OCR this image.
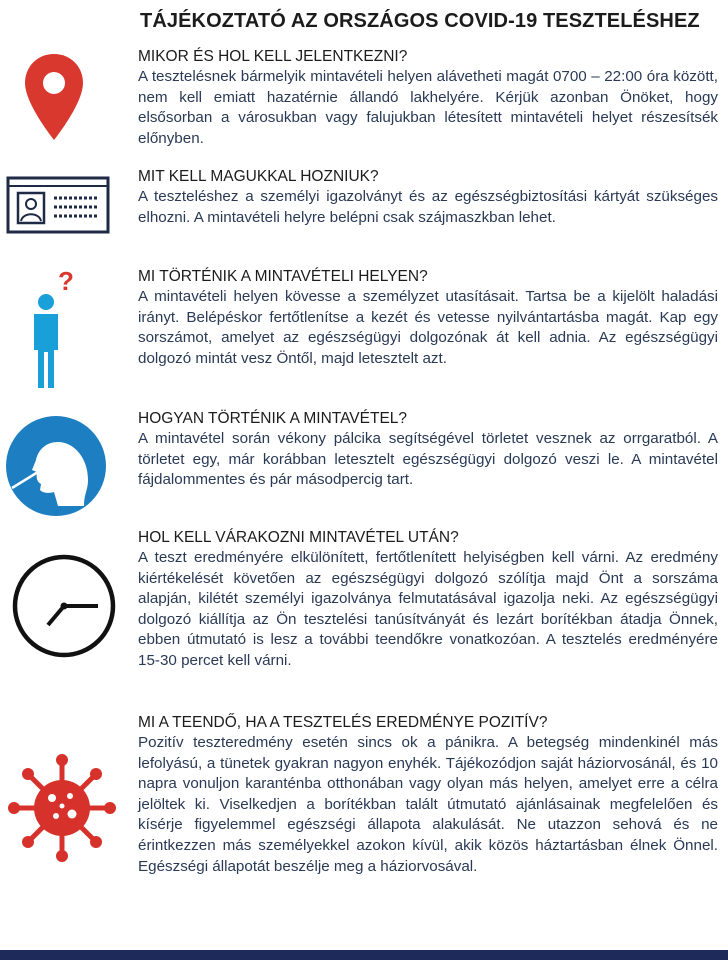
TÁJÉKOZTATÓ AZ ORSZÁGOS COVID-19 TESZTELÉSHEZ
MIKOR ÉS HOL KELL JELENTKEZNI?
A tesztelésnek bármelyik mintavételi helyen alávetheti magát 0700 – 22:00 óra között, nem kell emiatt hazatérnie állandó lakhelyére. Kérjük azonban Önöket, hogy elsősorban a városukban vagy falujukban létesített mintavételi helyet részesítsék előnyben.
MIT KELL MAGUKKAL HOZNIUK?
A teszteléshez a személyi igazolványt és az egészségbiztosítási kártyát szükséges elhozni. A mintavételi helyre belépni csak szájmaszkban lehet.
?	MI TÖRTÉNIK A MINTAVÉTELI HELYEN?
A mintavételi helyen kövesse a személyzet utasításait. Tartsa be a kijelölt haladási irányt. Belépéskor fertőtlenítse a kezét és vetesse nyilvántartásba magát. Kap egy sorszámot, amelyet az egészségügyi dolgozónak át kell adnia. Az egészségügyi dolgozó mintát vesz Öntől, majd letesztelt azt.
HOGYAN TÖRTÉNIK A MINTAVÉTEL?
A mintavétel során vékony pálcika segítségével törletet vesznek az orrgaratból. A törletet egy, már korábban letesztelt egészségügyi dolgozó veszi le. A mintavétel fájdalommentes és pár másodpercig tart.
HOL KELL VÁRAKOZNI MINTAVÉTEL UTÁN?
A teszt eredményére elkülönített, fertőtlenített helyiségben kell várni. Az eredmény kiértékelését követően az egészségügyi dolgozó szólítja majd Önt a sorszáma alapján, kilétét személyi igazolványa felmutatásával igazolja neki. Az egészségügyi dolgozó kiállítja az Ön tesztelési tanúsítványát és lezárt borítékban átadja Önnek, ebben útmutató is lesz a további teendőkre vonatkozóan. A tesztelés eredményére 15-30 percet kell várni.
MI A TEENDŐ, HA A TESZTELÉS EREDMÉNYE POZITÍV?
Pozitív teszteredmény esetén sincs ok a pánikra. A betegség mindenkinél más lefolyású, a tünetek gyakran nagyon enyhék. Tájékozódjon saját háziorvosánál, és 10 napra vonuljon karanténba otthonában vagy olyan más helyen, amelyet erre a célra jelöltek ki. Viselkedjen a borítékban talált útmutató ajánlásainak megfelelően és kísérje figyelemmel egészségi állapota alakulását. Ne utazzon sehová és ne érintkezzen más személyekkel azokon kívül, akik közös háztartásban élnek Önnel. Egészségi állapotát beszélje meg a háziorvosával.
